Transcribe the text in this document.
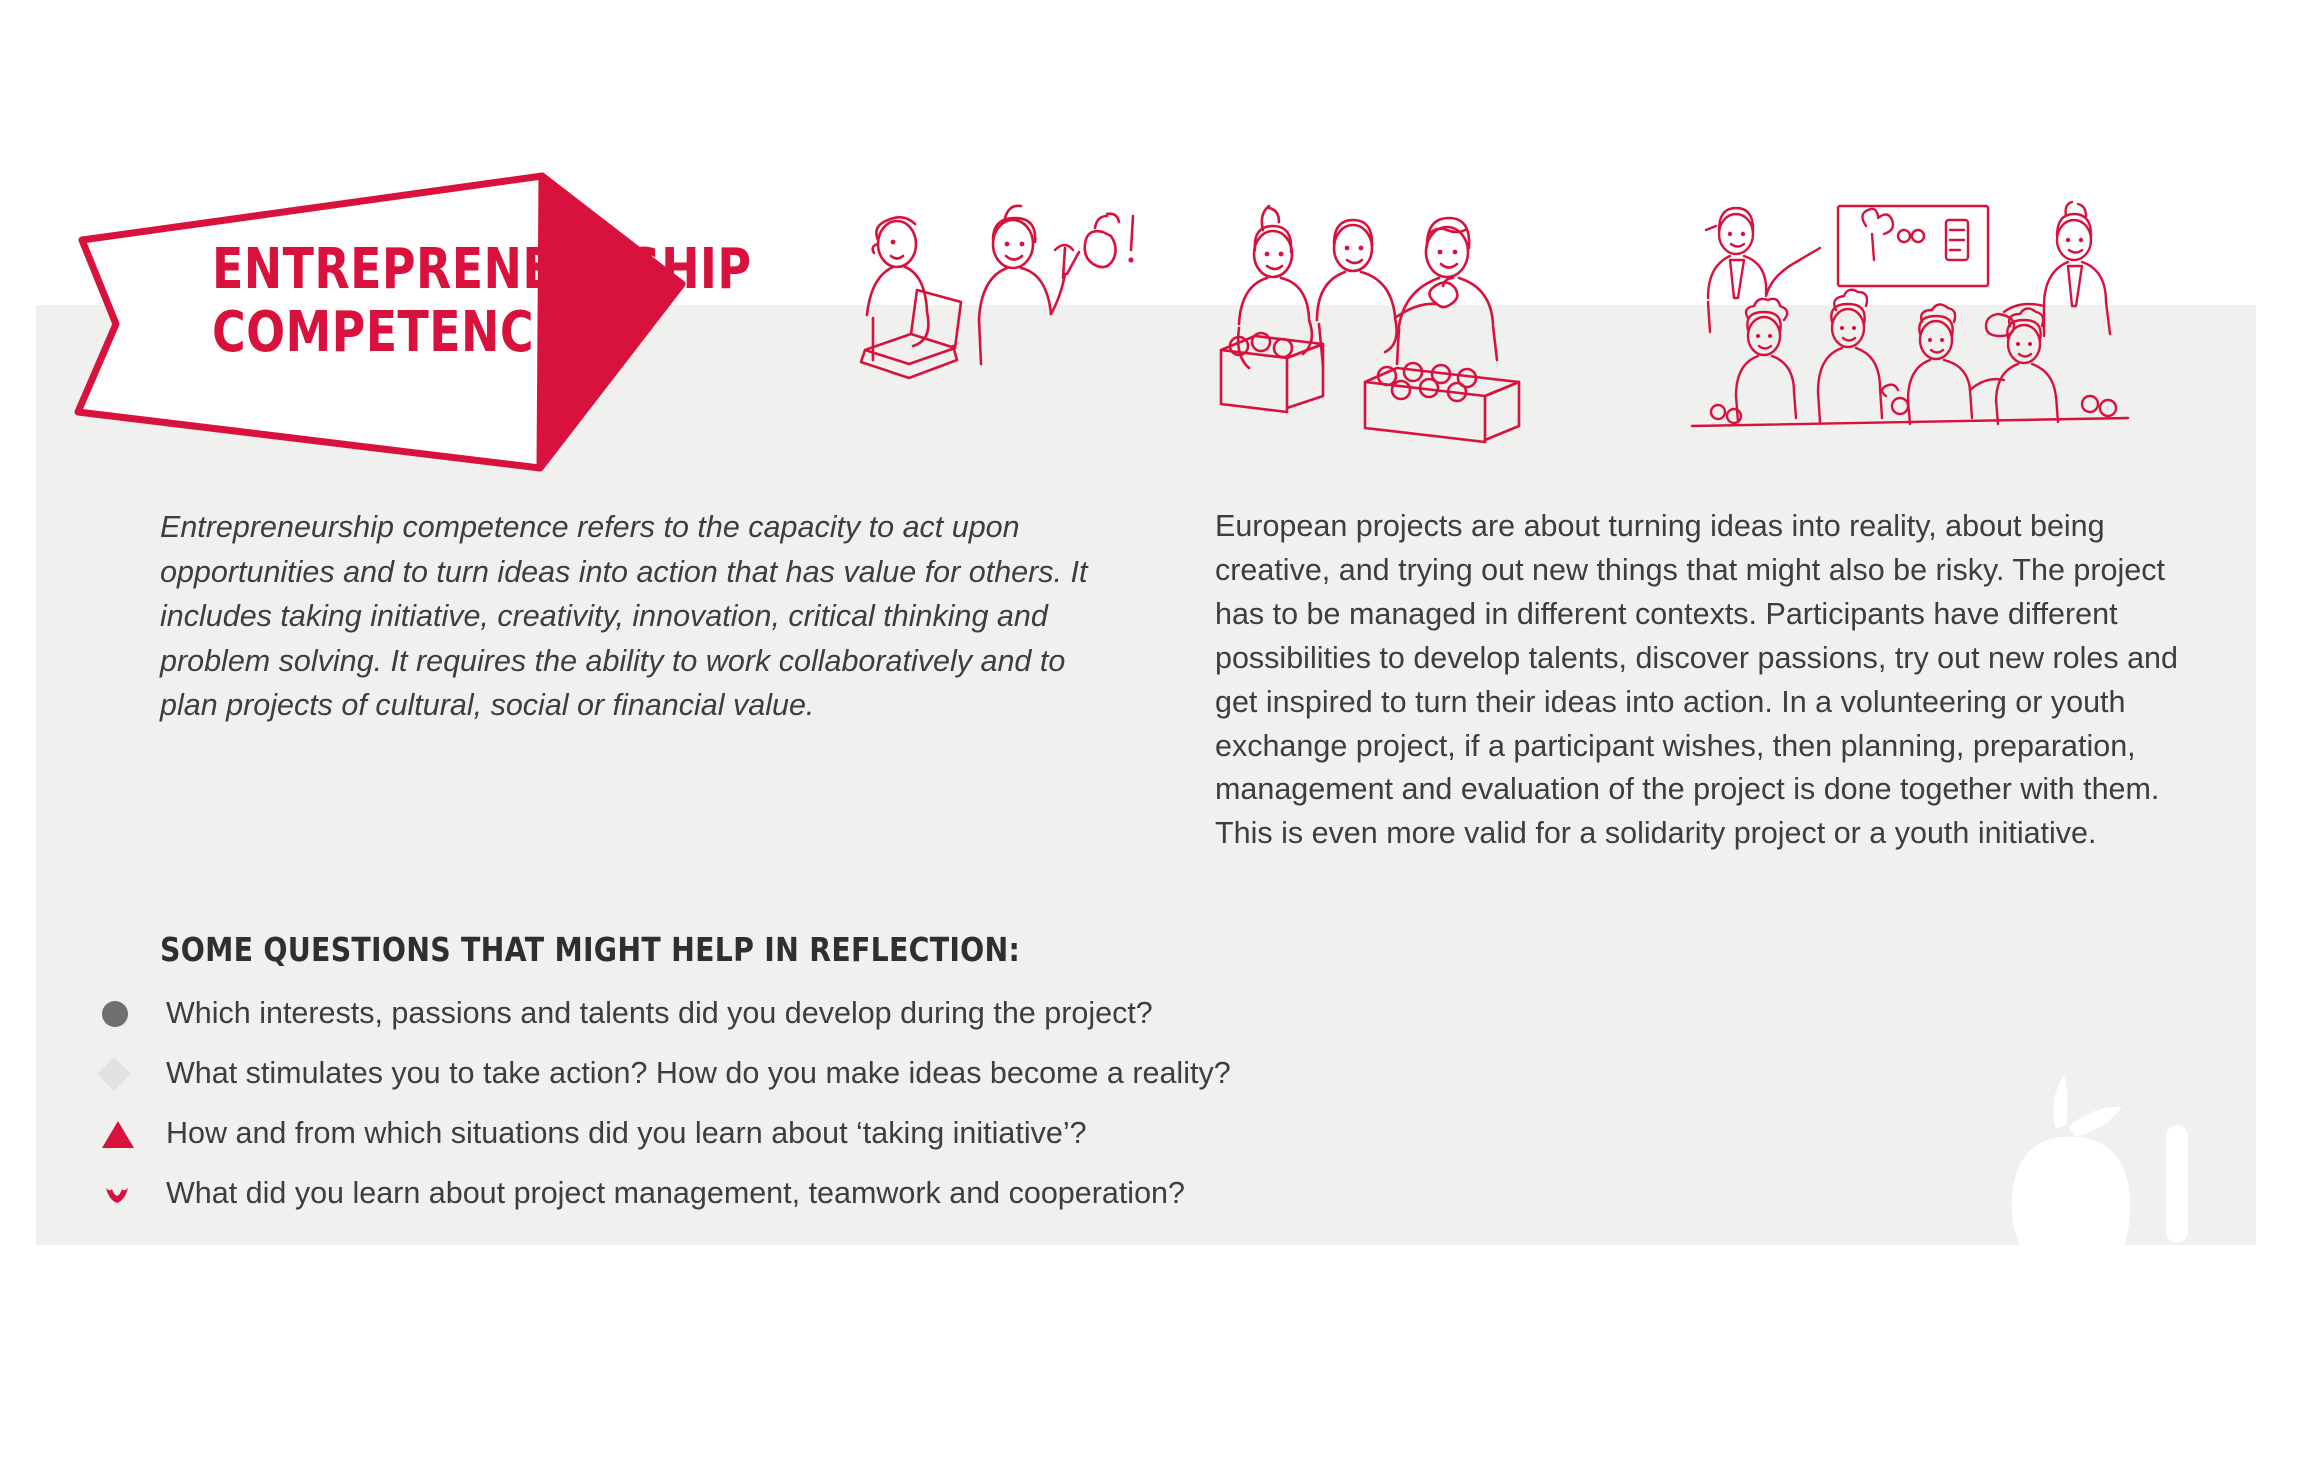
ENTREPRENEURSHIP
COMPETENCE
Entrepreneurship competence refers to the capacity to act upon opportunities and to turn ideas into action that has value for others. It includes taking initiative, creativity, innovation, critical thinking and problem solving. It requires the ability to work collaboratively and to plan projects of cultural, social or financial value.
European projects are about turning ideas into reality, about being creative, and trying out new things that might also be risky. The project has to be managed in different contexts. Participants have different possibilities to develop talents, discover passions, try out new roles and get inspired to turn their ideas into action. In a volunteering or youth exchange project, if a participant wishes, then planning, preparation, management and evaluation of the project is done together with them. This is even more valid for a solidarity project or a youth initiative.
SOME QUESTIONS THAT MIGHT HELP IN REFLECTION:
Which interests, passions and talents did you develop during the project?
What stimulates you to take action? How do you make ideas become a reality?
How and from which situations did you learn about ‘taking initiative’?
What did you learn about project management, teamwork and cooperation?
